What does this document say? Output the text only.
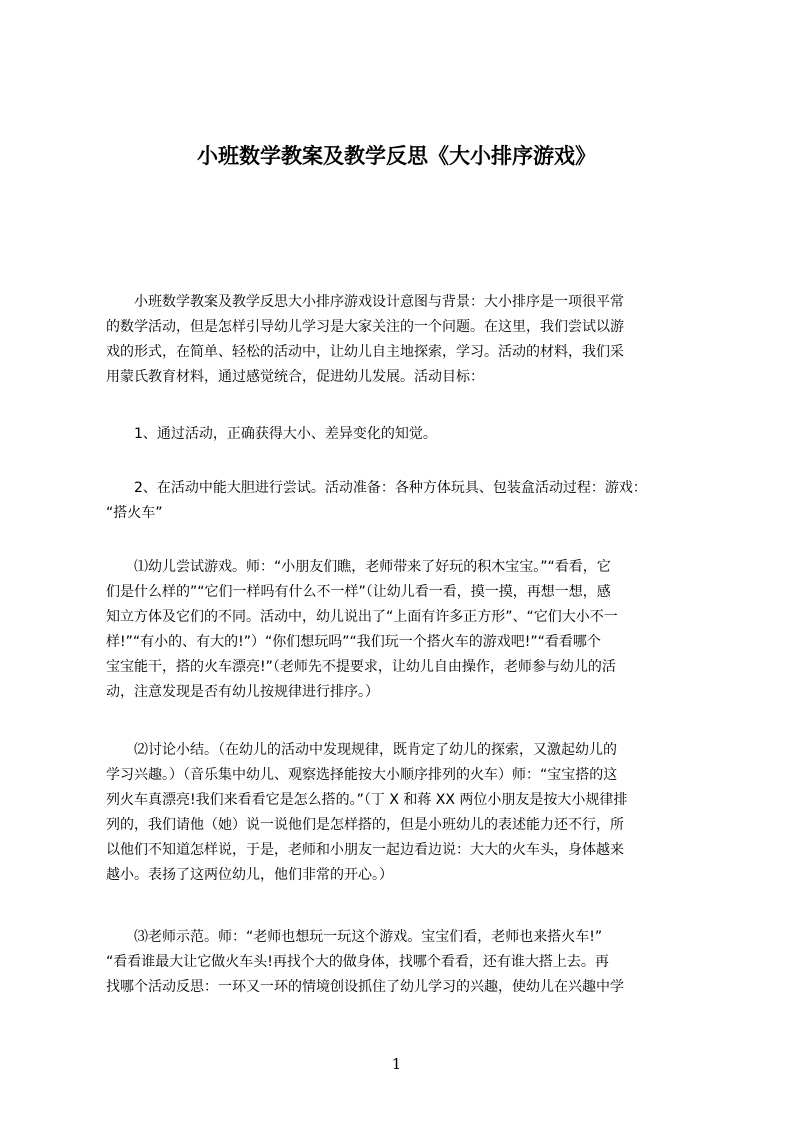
小班数学教案及教学反思《大小排序游戏》
　　小班数学教案及教学反思大小排序游戏设计意图与背景：大小排序是一项很平常
的数学活动，但是怎样引导幼儿学习是大家关注的一个问题。在这里，我们尝试以游
戏的形式，在简单、轻松的活动中，让幼儿自主地探索，学习。活动的材料，我们采
用蒙氏教育材料，通过感觉统合，促进幼儿发展。活动目标：
　　1、通过活动，正确获得大小、差异变化的知觉。
　　2、在活动中能大胆进行尝试。活动准备：各种方体玩具、包装盒活动过程：游戏：
“搭火车”
　　⑴幼儿尝试游戏。师：“小朋友们瞧，老师带来了好玩的积木宝宝。”“看看，它
们是什么样的”“它们一样吗有什么不一样”（让幼儿看一看，摸一摸，再想一想，感
知立方体及它们的不同。活动中，幼儿说出了“上面有许多正方形”、“它们大小不一
样!”“有小的、有大的!”）“你们想玩吗”“我们玩一个搭火车的游戏吧!”“看看哪个
宝宝能干，搭的火车漂亮!”（老师先不提要求，让幼儿自由操作，老师参与幼儿的活
动，注意发现是否有幼儿按规律进行排序。）
　　⑵讨论小结。（在幼儿的活动中发现规律，既肯定了幼儿的探索，又激起幼儿的
学习兴趣。）（音乐集中幼儿、观察选择能按大小顺序排列的火车）师：“宝宝搭的这
列火车真漂亮!我们来看看它是怎么搭的。”（丁 X 和蒋 XX 两位小朋友是按大小规律排
列的，我们请他（她）说一说他们是怎样搭的，但是小班幼儿的表述能力还不行，所
以他们不知道怎样说，于是，老师和小朋友一起边看边说：大大的火车头，身体越来
越小。表扬了这两位幼儿，他们非常的开心。）
　　⑶老师示范。师：“老师也想玩一玩这个游戏。宝宝们看，老师也来搭火车!”
“看看谁最大让它做火车头!再找个大的做身体，找哪个看看，还有谁大搭上去。再
找哪个活动反思：一环又一环的情境创设抓住了幼儿学习的兴趣，使幼儿在兴趣中学
1
